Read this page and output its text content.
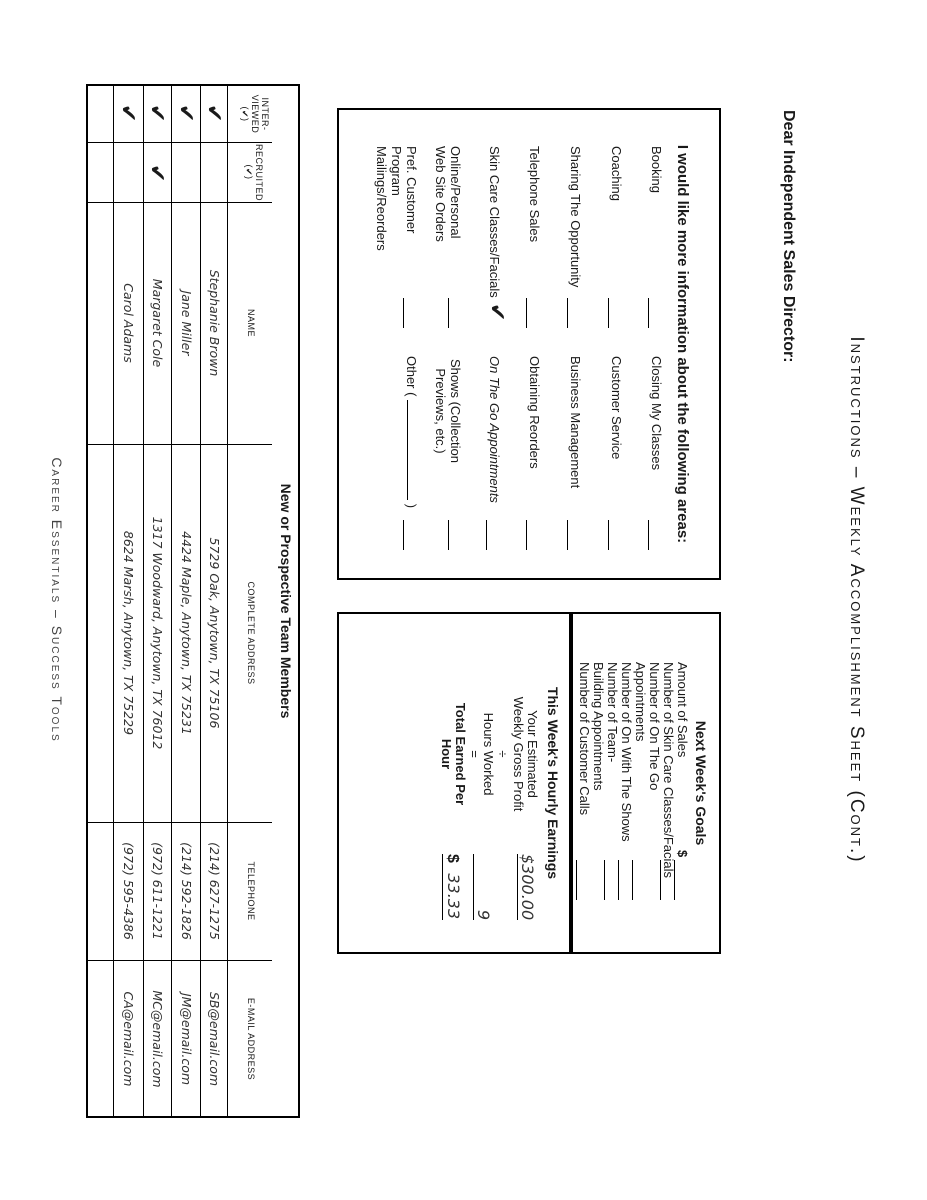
Instructions – Weekly Accomplishment Sheet (Cont.)
Dear Independent Sales Director:
I would like more information about the following areas:
Booking
Coaching
Sharing The Opportunity
Telephone Sales
Skin Care Classes/Facials
Online/Personal Web Site Orders
Pref. Customer Program Mailings/Reorders
✔
Closing My Classes
Customer Service
Business Management
Obtaining Reorders
On The Go Appointments
Shows (Collection Previews, etc.)
Other (  )
Next Week's Goals
Amount of Sales
Number of Skin Care Classes/Facials
Number of On The Go Appointments
Number of On With The Shows
Number of Team-Building Appointments
Number of Customer Calls
$
This Week's Hourly Earnings
Your Estimated Weekly Gross Profit
÷
Hours Worked
=
Total Earned Per Hour
$300.00
9
$ 33.33
New or Prospective Team Members
INTER-VIEWED (✔)
RECRUITED (✔)
NAME
COMPLETE ADDRESS
TELEPHONE
E-MAIL ADDRESS
✔
Stephanie Brown
5729 Oak, Anytown, TX 75106
(214) 627-1275
SB@email.com
✔
Jane Miller
4424 Maple, Anytown, TX 75231
(214) 592-1826
JM@email.com
✔
✔
Margaret Cole
1317 Woodward, Anytown, TX 76012
(972) 611-1221
MC@email.com
✔
Carol Adams
8624 Marsh, Anytown, TX 75229
(972) 595-4386
CA@email.com
Career Essentials – Success Tools
